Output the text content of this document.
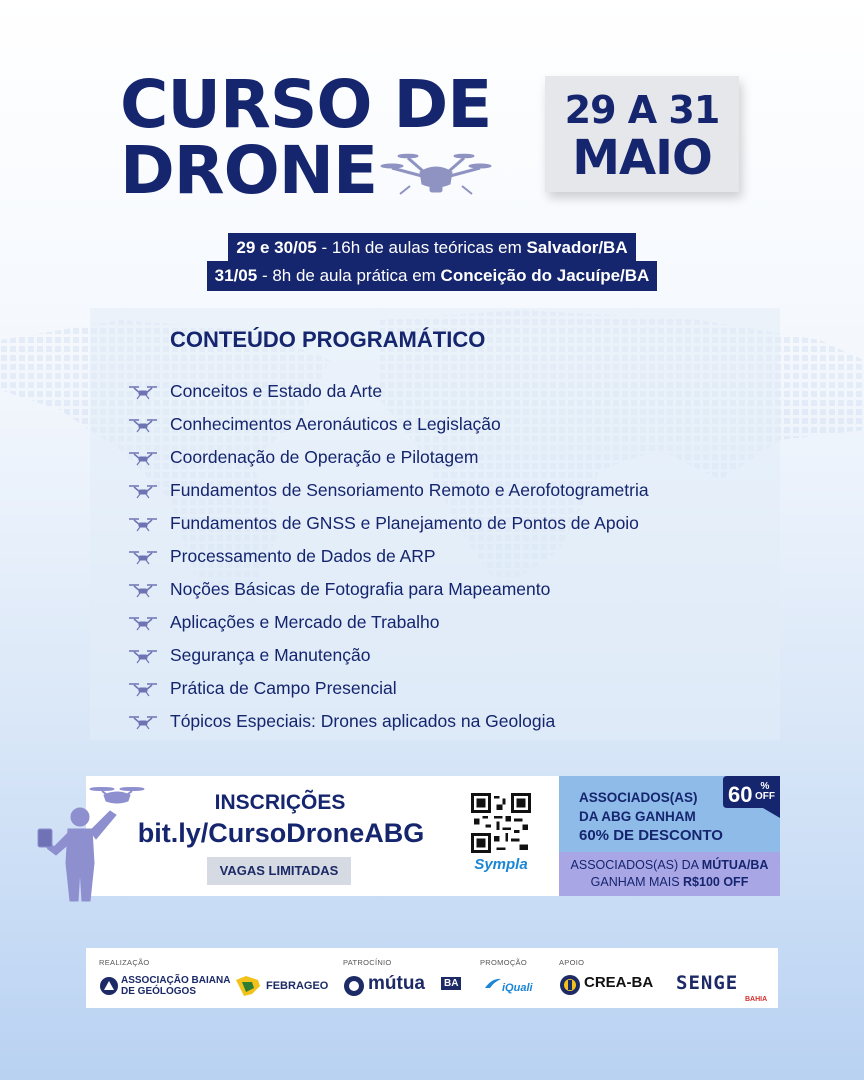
CURSO DE
DRONE
29 A 31
MAIO
29 e 30/05 - 16h de aulas teóricas em Salvador/BA
31/05 - 8h de aula prática em Conceição do Jacuípe/BA
CONTEÚDO PROGRAMÁTICO
Conceitos e Estado da Arte
Conhecimentos Aeronáuticos e Legislação
Coordenação de Operação e Pilotagem
Fundamentos de Sensoriamento Remoto e Aerofotogrametria
Fundamentos de GNSS e Planejamento de Pontos de Apoio
Processamento de Dados de ARP
Noções Básicas de Fotografia para Mapeamento
Aplicações e Mercado de Trabalho
Segurança e Manutenção
Prática de Campo Presencial
Tópicos Especiais: Drones aplicados na Geologia
INSCRIÇÕES
bit.ly/CursoDroneABG
VAGAS LIMITADAS	Sympla
ASSOCIADOS(AS)
DA ABG GANHAM
60% DE DESCONTO
60 %
OFF
ASSOCIADOS(AS) DA MÚTUA/BA
GANHAM MAIS R$100 OFF
REALIZAÇÃO	PATROCÍNIO	PROMOÇÃO	APOIO
ASSOCIAÇÃO BAIANA
DE GEÓLOGOS	FEBRAGEO mútua	BA	iQuali	CREA-BA SENGE
BAHIA
